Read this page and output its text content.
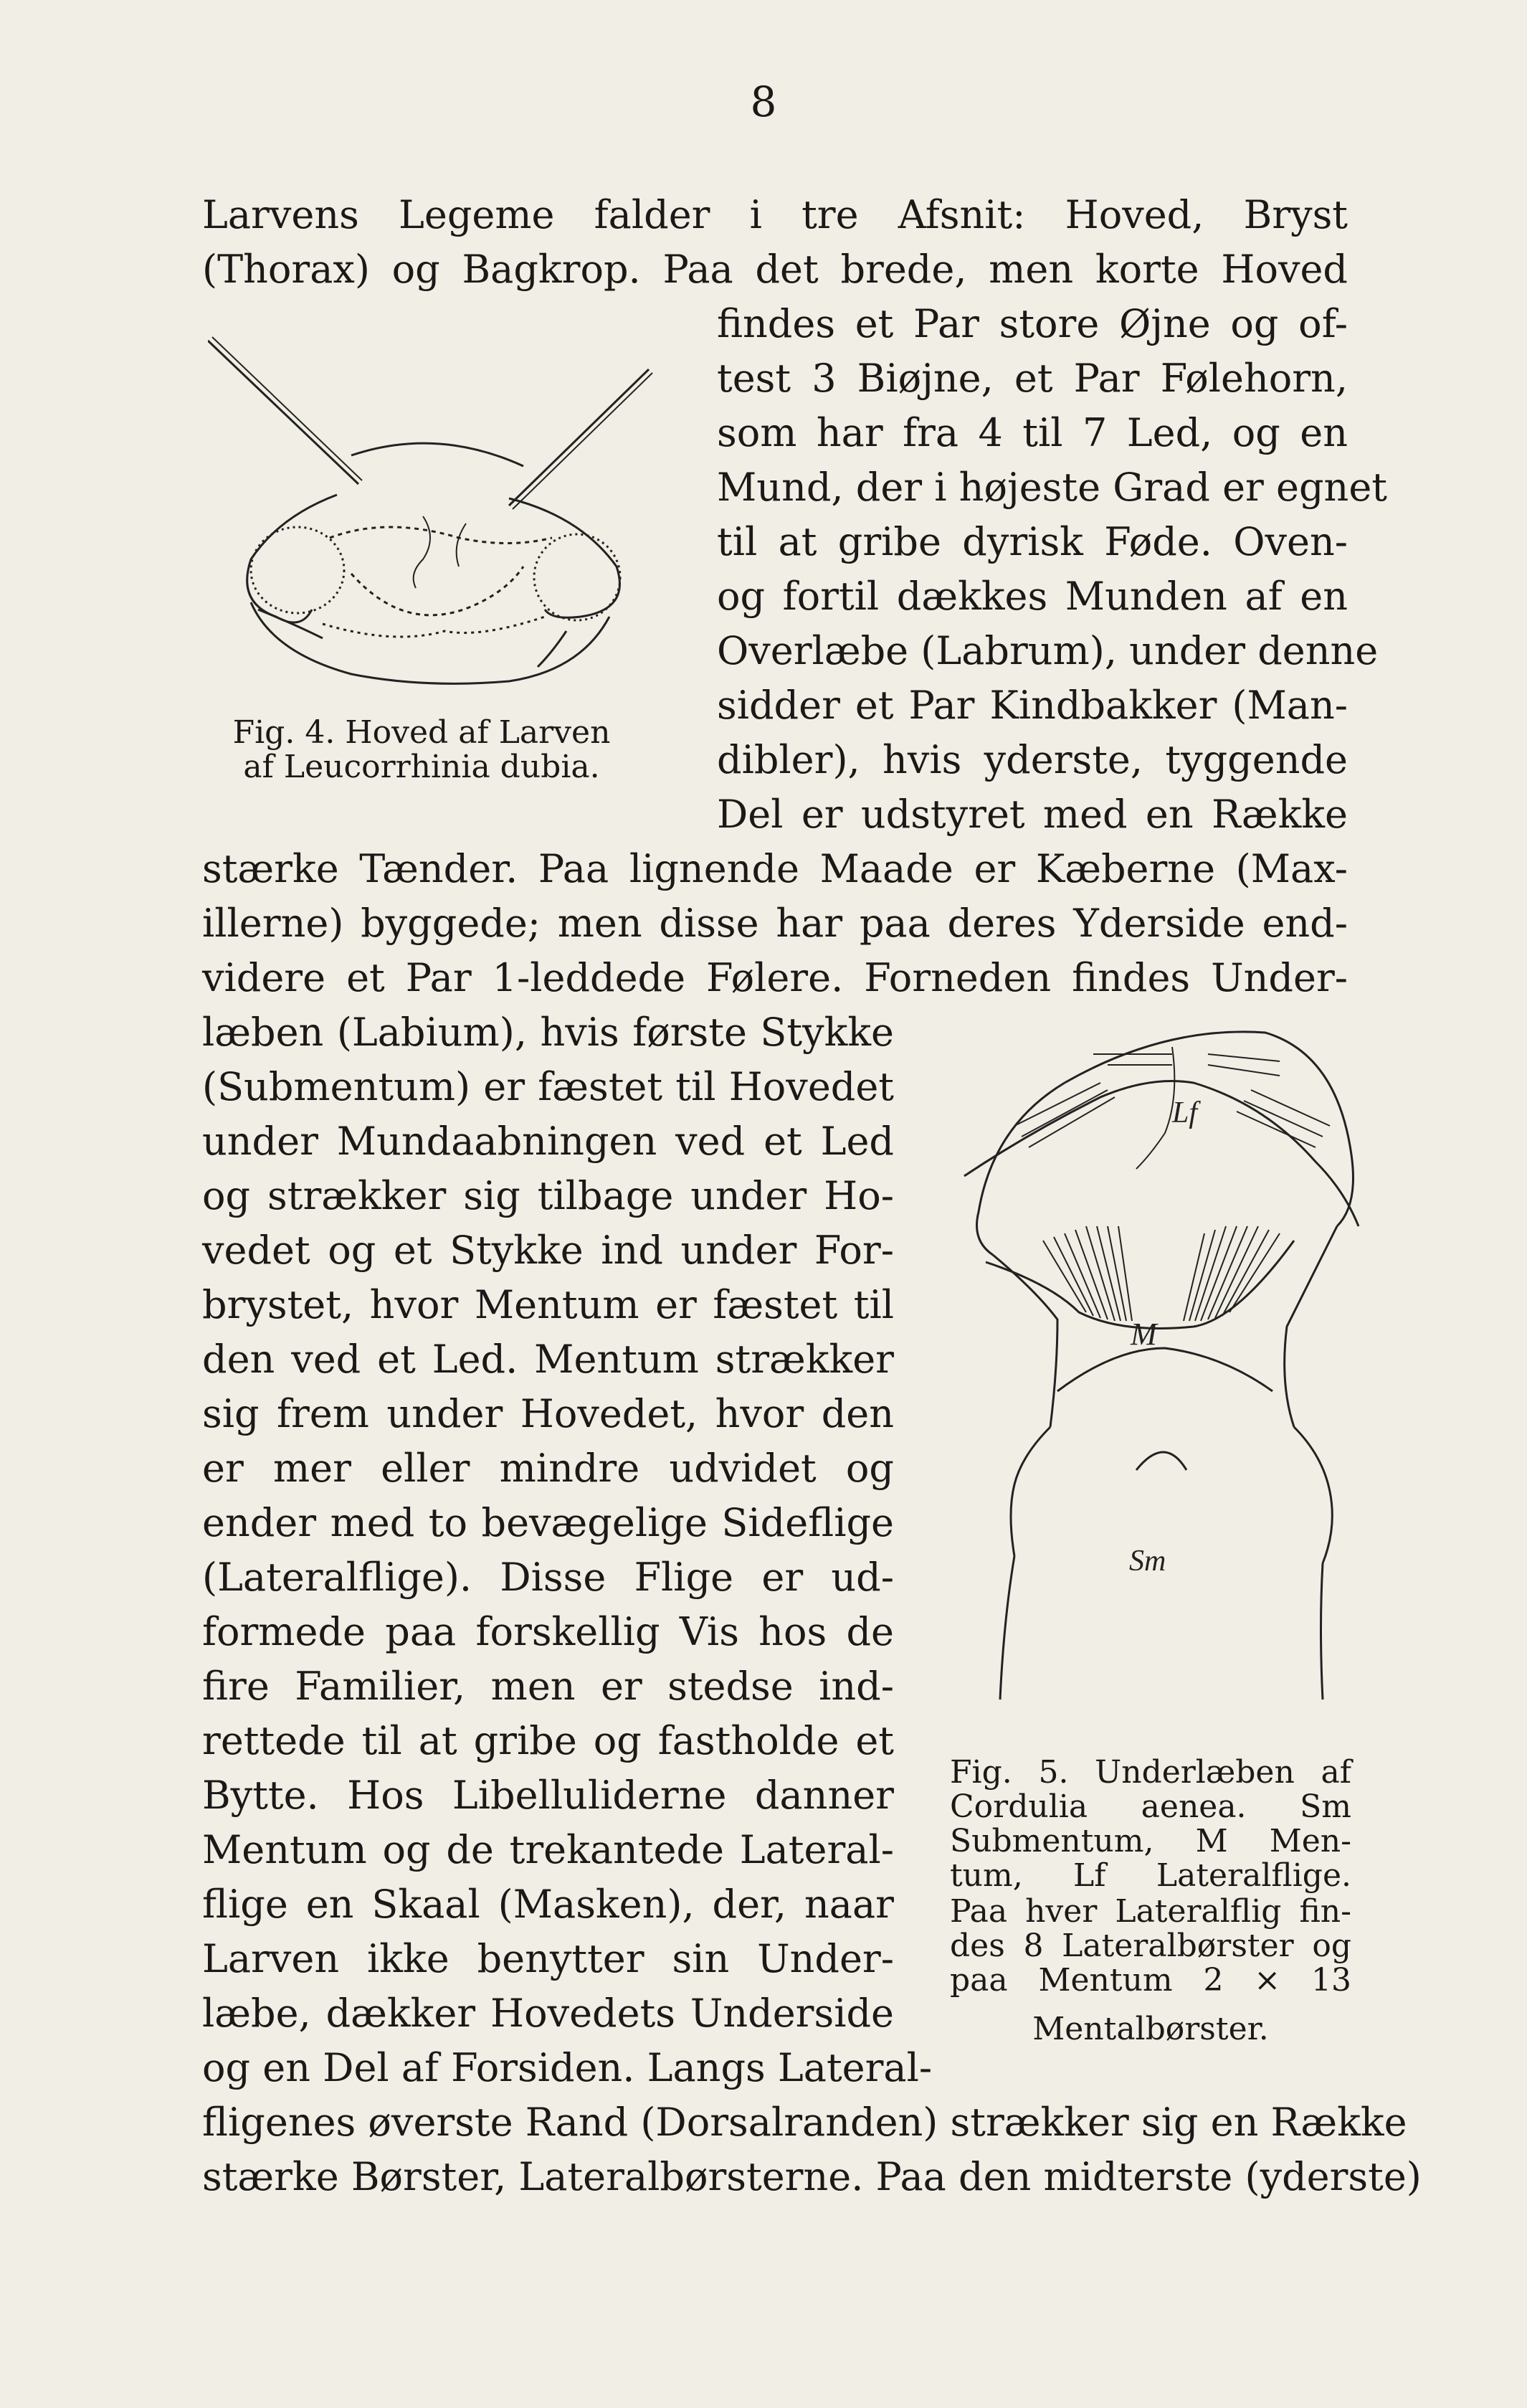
8
Larvens Legeme falder i tre Afsnit: Hoved, Bryst
(Thorax) og Bagkrop. Paa det brede, men korte Hoved
findes et Par store Øjne og of-
test 3 Biøjne, et Par Følehorn,
som har fra 4 til 7 Led, og en
Mund, der i højeste Grad er egnet
til at gribe dyrisk Føde. Oven-
og fortil dækkes Munden af en
Overlæbe (Labrum), under denne
sidder et Par Kindbakker (Man-
dibler), hvis yderste, tyggende
Del er udstyret med en Række
Fig. 4. Hoved af Larven
af Leucorrhinia dubia.
stærke Tænder. Paa lignende Maade er Kæberne (Max-
illerne) byggede; men disse har paa deres Yderside end-
videre et Par 1-leddede Følere. Forneden findes Under-
læben (Labium), hvis første Stykke
(Submentum) er fæstet til Hovedet
under Mundaabningen ved et Led
og strækker sig tilbage under Ho-
vedet og et Stykke ind under For-
brystet, hvor Mentum er fæstet til
den ved et Led. Mentum strækker
sig frem under Hovedet, hvor den
er mer eller mindre udvidet og
ender med to bevægelige Sideflige
(Lateralflige). Disse Flige er ud-
formede paa forskellig Vis hos de
fire Familier, men er stedse ind-
rettede til at gribe og fastholde et
Bytte. Hos Libelluliderne danner
Mentum og de trekantede Lateral-
flige en Skaal (Masken), der, naar
Larven ikke benytter sin Under-
læbe, dækker Hovedets Underside
og en Del af Forsiden. Langs Lateral-
Lf
M
Sm
Fig. 5. Underlæben af
Cordulia aenea. Sm
Submentum, M Men-
tum, Lf Lateralflige.
Paa hver Lateralflig fin-
des 8 Lateralbørster og
paa Mentum 2 × 13
Mentalbørster.
fligenes øverste Rand (Dorsalranden) strækker sig en Række
stærke Børster, Lateralbørsterne. Paa den midterste (yderste)
